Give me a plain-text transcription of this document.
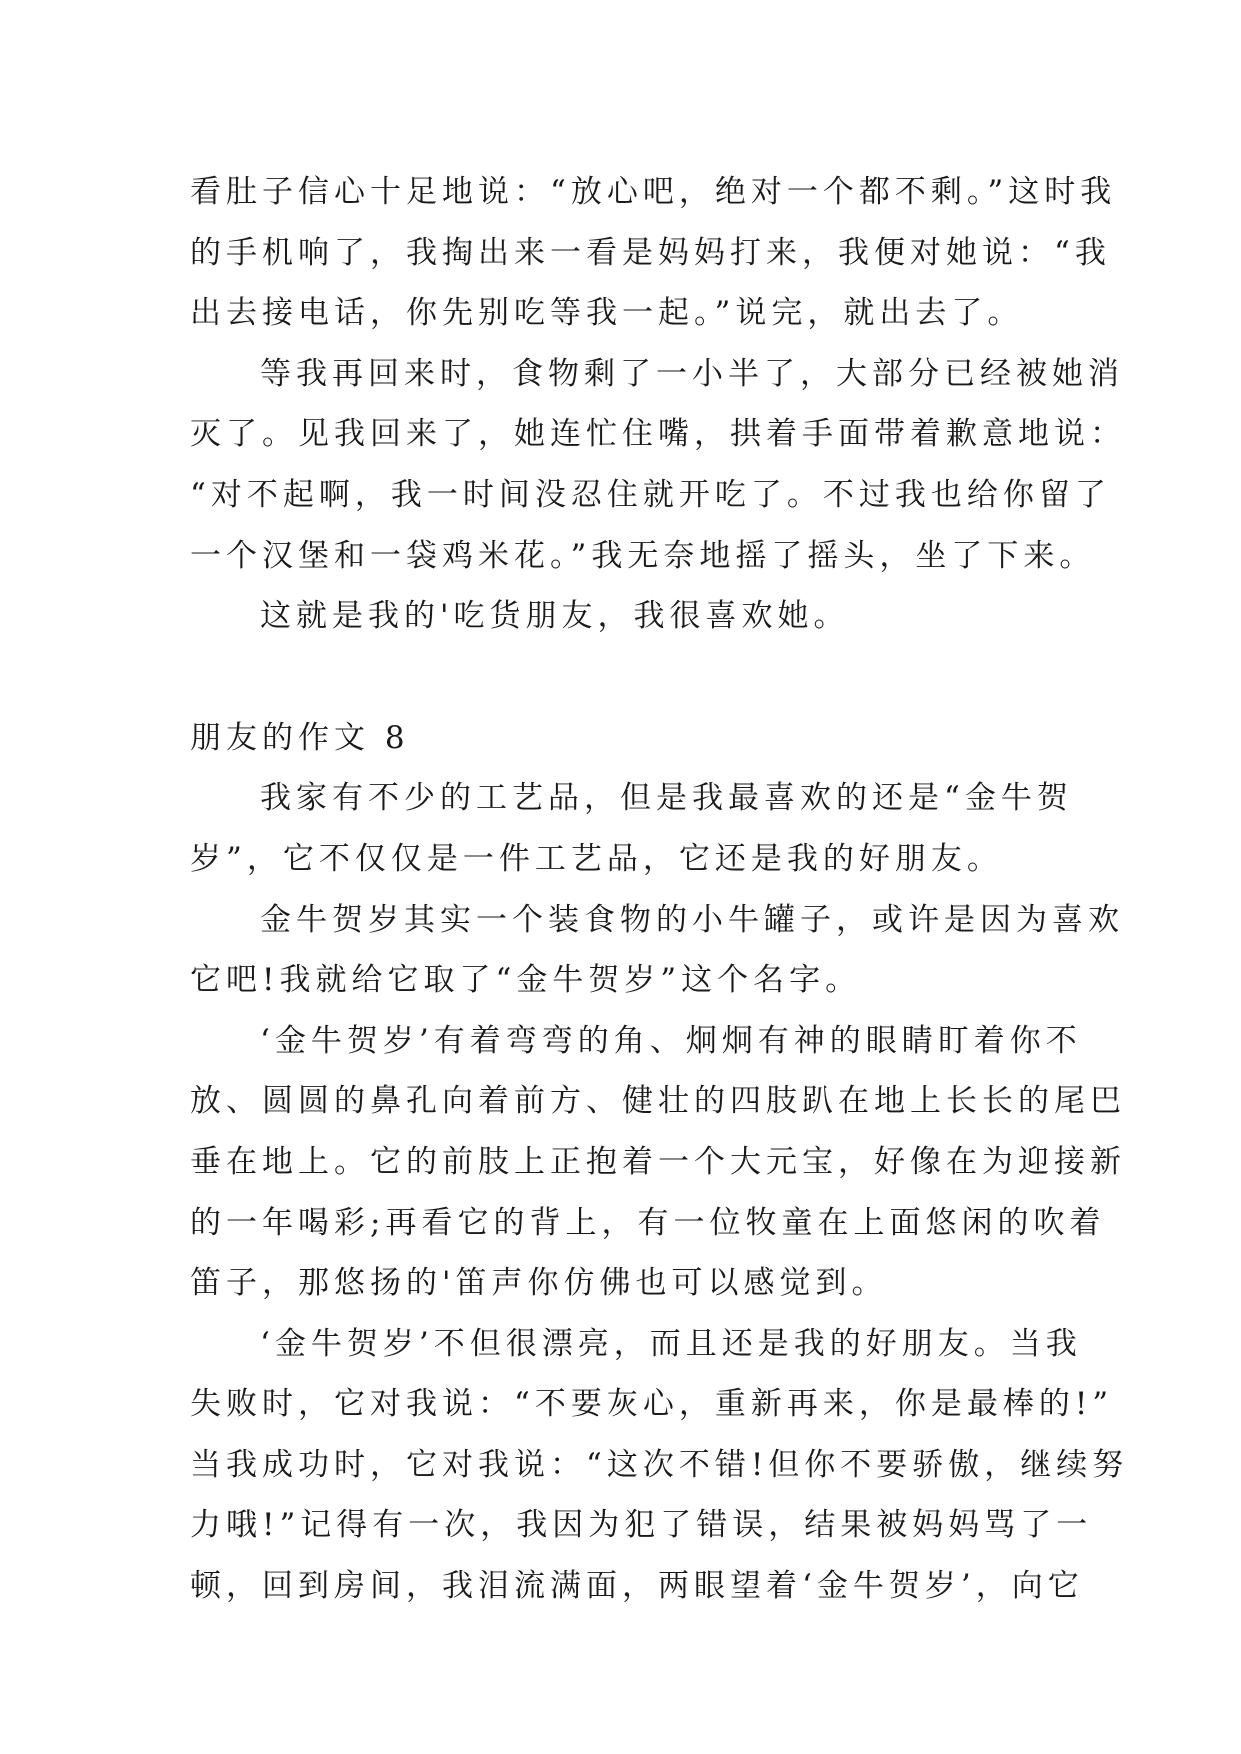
看肚子信心十足地说：“放心吧，绝对一个都不剩。”这时我
的手机响了，我掏出来一看是妈妈打来，我便对她说：“我
出去接电话，你先别吃等我一起。”说完，就出去了。
等我再回来时，食物剩了一小半了，大部分已经被她消
灭了。见我回来了，她连忙住嘴，拱着手面带着歉意地说：
“对不起啊，我一时间没忍住就开吃了。不过我也给你留了
一个汉堡和一袋鸡米花。”我无奈地摇了摇头，坐了下来。
这就是我的'吃货朋友，我很喜欢她。
朋友的作文 8
我家有不少的工艺品，但是我最喜欢的还是“金牛贺
岁”，它不仅仅是一件工艺品，它还是我的好朋友。
金牛贺岁其实一个装食物的小牛罐子，或许是因为喜欢
它吧!我就给它取了“金牛贺岁”这个名字。
‘金牛贺岁’有着弯弯的角、炯炯有神的眼睛盯着你不
放、圆圆的鼻孔向着前方、健壮的四肢趴在地上长长的尾巴
垂在地上。它的前肢上正抱着一个大元宝，好像在为迎接新
的一年喝彩;再看它的背上，有一位牧童在上面悠闲的吹着
笛子，那悠扬的'笛声你仿佛也可以感觉到。
‘金牛贺岁’不但很漂亮，而且还是我的好朋友。当我
失败时，它对我说：“不要灰心，重新再来，你是最棒的!”
当我成功时，它对我说：“这次不错!但你不要骄傲，继续努
力哦!”记得有一次，我因为犯了错误，结果被妈妈骂了一
顿，回到房间，我泪流满面，两眼望着‘金牛贺岁’，向它
